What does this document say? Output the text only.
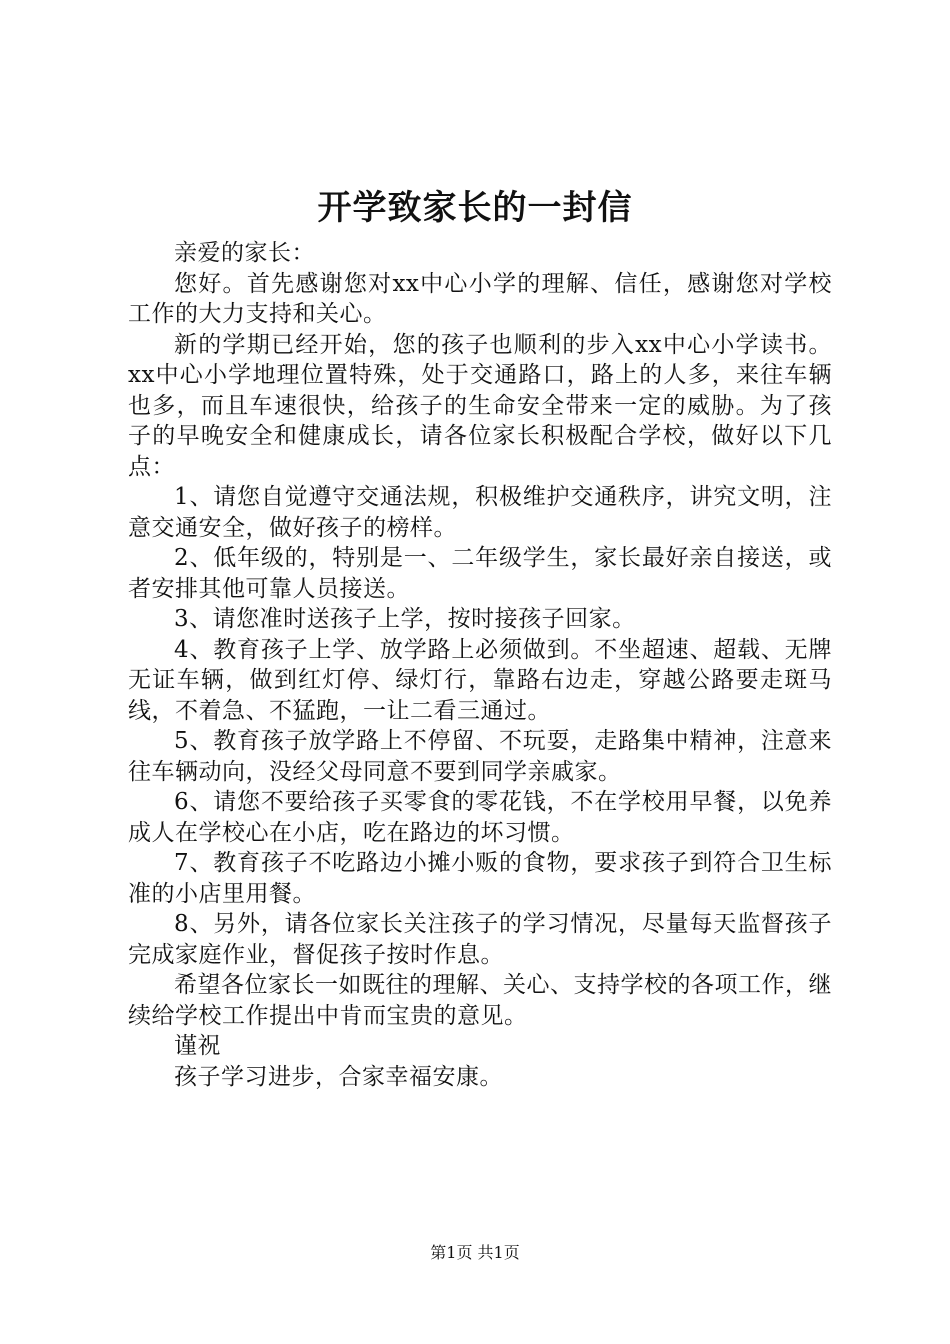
开学致家长的一封信

亲爱的家长：

您好。首先感谢您对xx中心小学的理解、信任，感谢您对学校工作的大力支持和关心。

新的学期已经开始，您的孩子也顺利的步入xx中心小学读书。xx中心小学地理位置特殊，处于交通路口，路上的人多，来往车辆也多，而且车速很快，给孩子的生命安全带来一定的威胁。为了孩子的早晚安全和健康成长，请各位家长积极配合学校，做好以下几点：

1、请您自觉遵守交通法规，积极维护交通秩序，讲究文明，注意交通安全，做好孩子的榜样。

2、低年级的，特别是一、二年级学生，家长最好亲自接送，或者安排其他可靠人员接送。

3、请您准时送孩子上学，按时接孩子回家。

4、教育孩子上学、放学路上必须做到。不坐超速、超载、无牌无证车辆，做到红灯停、绿灯行，靠路右边走，穿越公路要走斑马线，不着急、不猛跑，一让二看三通过。

5、教育孩子放学路上不停留、不玩耍，走路集中精神，注意来往车辆动向，没经父母同意不要到同学亲戚家。

6、请您不要给孩子买零食的零花钱，不在学校用早餐，以免养成人在学校心在小店，吃在路边的坏习惯。

7、教育孩子不吃路边小摊小贩的食物，要求孩子到符合卫生标准的小店里用餐。

8、另外，请各位家长关注孩子的学习情况，尽量每天监督孩子完成家庭作业，督促孩子按时作息。

希望各位家长一如既往的理解、关心、支持学校的各项工作，继续给学校工作提出中肯而宝贵的意见。

谨祝

孩子学习进步，合家幸福安康。

第1页 共1页
